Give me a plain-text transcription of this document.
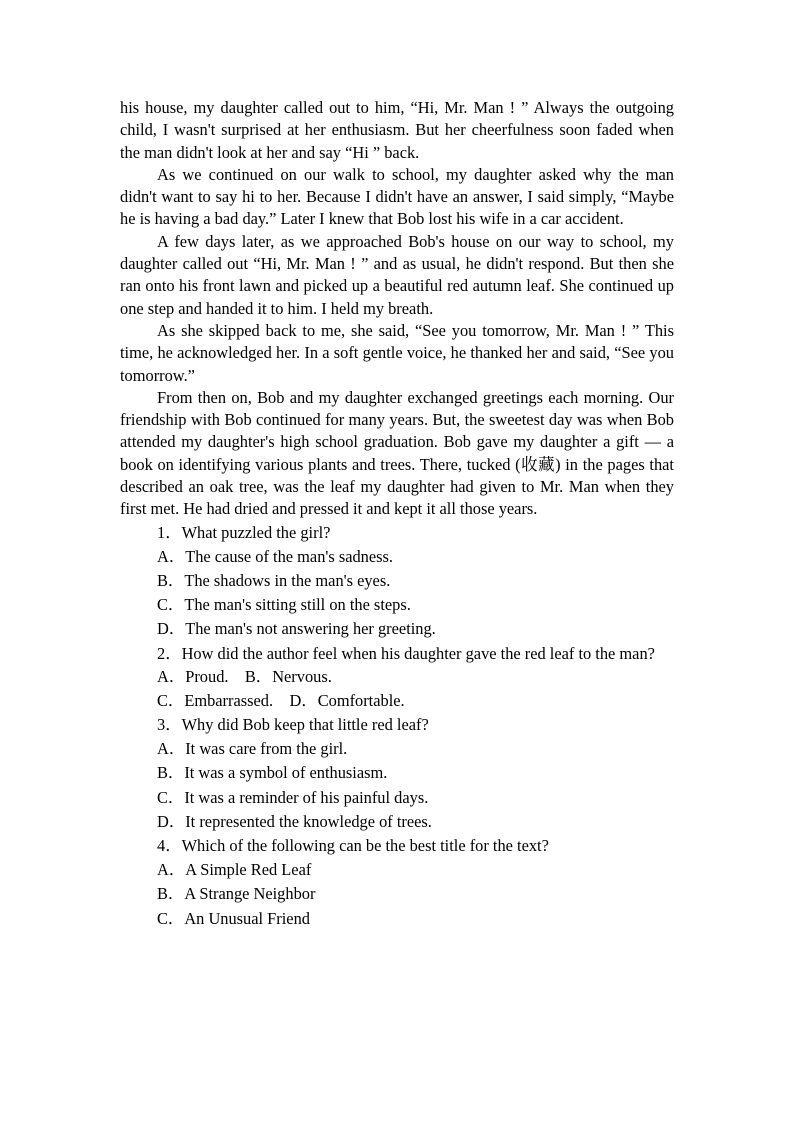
his house, my daughter called out to him, “Hi, Mr. Man ! ” Always the outgoing child, I wasn't surprised at her enthusiasm. But her cheerfulness soon faded when the man didn't look at her and say “Hi ” back.

As we continued on our walk to school, my daughter asked why the man didn't want to say hi to her. Because I didn't have an answer, I said simply, “Maybe he is having a bad day.” Later I knew that Bob lost his wife in a car accident.

A few days later, as we approached Bob's house on our way to school, my daughter called out “Hi, Mr. Man ! ” and as usual, he didn't respond. But then she ran onto his front lawn and picked up a beautiful red autumn leaf. She continued up one step and handed it to him. I held my breath.

As she skipped back to me, she said, “See you tomorrow, Mr. Man ! ” This time, he acknowledged her. In a soft gentle voice, he thanked her and said, “See you tomorrow.”

From then on, Bob and my daughter exchanged greetings each morning. Our friendship with Bob continued for many years. But, the sweetest day was when Bob attended my daughter's high school graduation. Bob gave my daughter a gift — a book on identifying various plants and trees. There, tucked (收藏) in the pages that described an oak tree, was the leaf my daughter had given to Mr. Man when they first met. He had dried and pressed it and kept it all those years.

1．What puzzled the girl?
A．The cause of the man's sadness.
B．The shadows in the man's eyes.
C．The man's sitting still on the steps.
D．The man's not answering her greeting.

2．How did the author feel when his daughter gave the red leaf to the man?

A．Proud.　B．Nervous.
C．Embarrassed.　D．Comfortable.
3．Why did Bob keep that little red leaf?
A．It was care from the girl.
B．It was a symbol of enthusiasm.
C．It was a reminder of his painful days.
D．It represented the knowledge of trees.
4．Which of the following can be the best title for the text?
A．A Simple Red Leaf
B．A Strange Neighbor
C．An Unusual Friend
